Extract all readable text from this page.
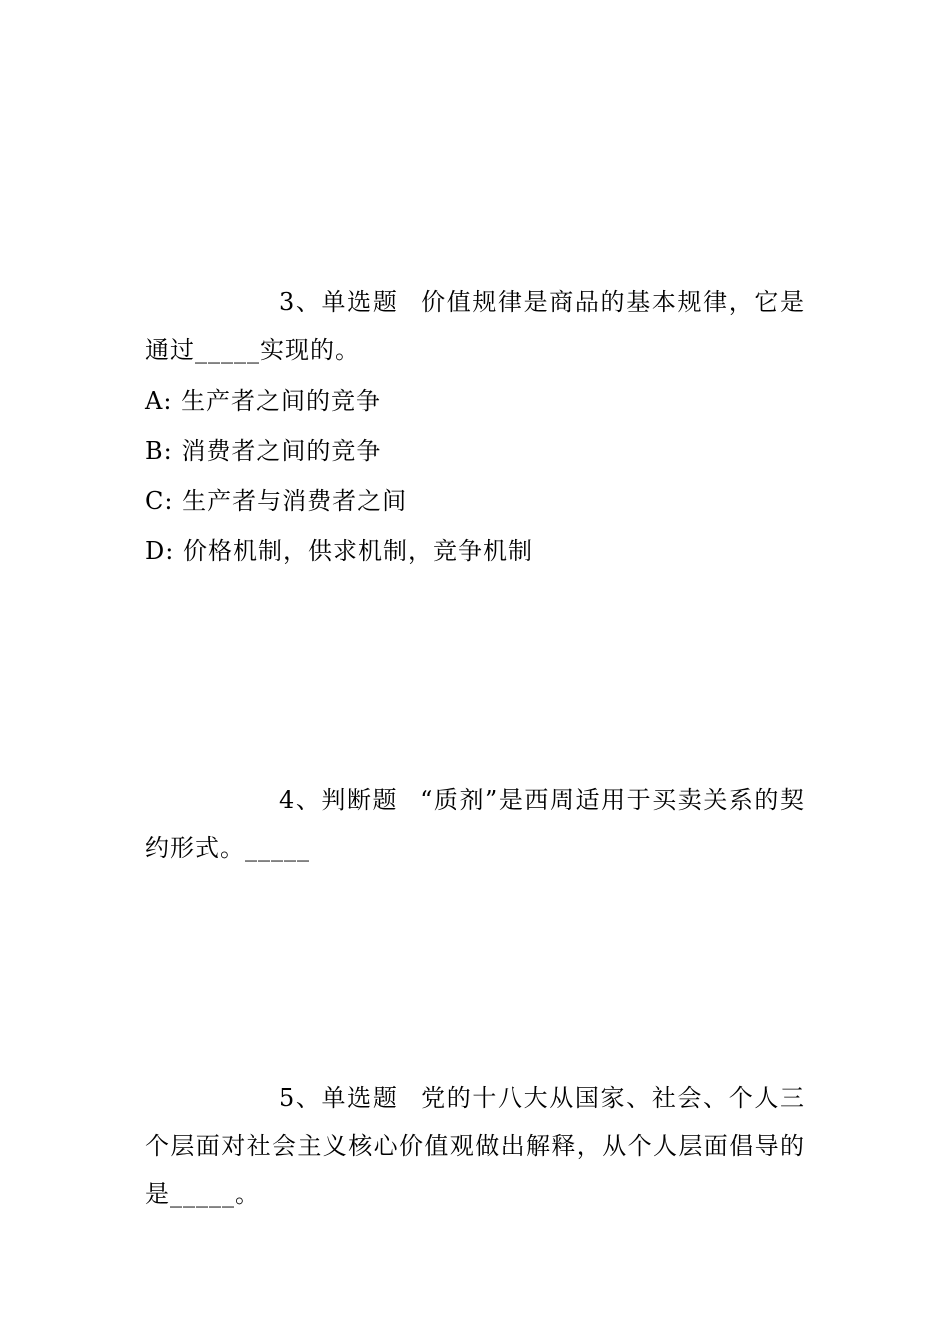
3、单选题 价值规律是商品的基本规律，它是通过_____实现的。
A: 生产者之间的竞争
B: 消费者之间的竞争
C: 生产者与消费者之间
D: 价格机制，供求机制，竞争机制
4、判断题 “质剂”是西周适用于买卖关系的契约形式。_____
5、单选题 党的十八大从国家、社会、个人三个层面对社会主义核心价值观做出解释，从个人层面倡导的是_____。
